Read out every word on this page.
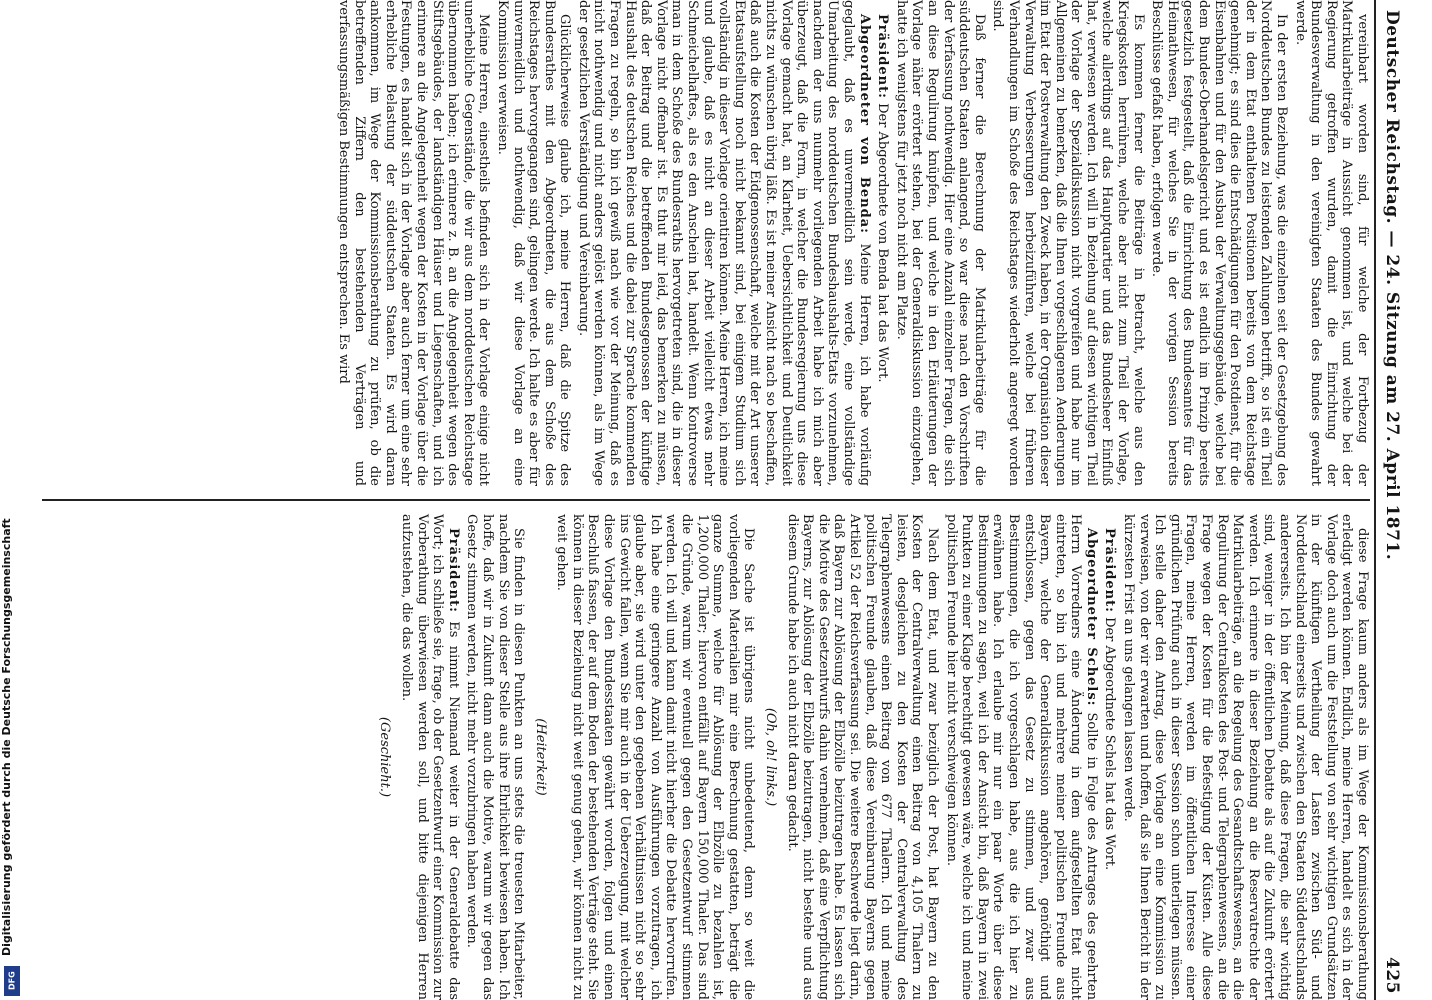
Deutscher Reichstag. — 24. Sitzung am 27. April 1871.
425

vereinbart worden sind, für welche der Fortbezug der Matrikularbeiträge in Aussicht genommen ist, und welche bei der Regierung getroffen wurden, damit die Einrichtung der Bundesverwaltung in den vereinigten Staaten des Bundes gewahrt werde.

In der ersten Beziehung, was die einzelnen seit der Gesetzgebung des Norddeutschen Bundes zu leistenden Zahlungen betrifft, so ist ein Theil der in dem Etat enthaltenen Positionen bereits von dem Reichstage genehmigt; es sind dies die Entschädigungen für den Postdienst, für die Eisenbahnen und für den Ausbau der Verwaltungsgebäude, welche bei dem Bundes-Oberhandelsgericht und es ist endlich im Prinzip bereits gesetzlich festgestellt, daß die Einrichtung des Bundesamtes für das Heimathwesen, für welches Sie in der vorigen Session bereits Beschlüsse gefaßt haben, erfolgen werde.

Es kommen ferner die Beiträge in Betracht, welche aus den Kriegskosten herrühren, welche aber nicht zum Theil der Vorlage, welche allerdings auf das Hauptquartier und das Bundesheer Einfluß hat, verwiesen werden. Ich will in Beziehung auf diesen wichtigen Theil der Vorlage der Spezialdiskussion nicht vorgreifen und habe nur im Allgemeinen zu bemerken, daß die Ihnen vorgeschlagenen Aenderungen im Etat der Postverwaltung den Zweck haben, in der Organisation dieser Verwaltung Verbesserungen herbeizuführen, welche bei früheren Verhandlungen im Schoße des Reichstages wiederholt angeregt worden sind.

Daß ferner die Berechnung der Matrikularbeiträge für die süddeutschen Staaten anlangend, so war diese nach den Vorschriften der Verfassung nothwendig. Hier eine Anzahl einzelner Fragen, die sich an diese Regulirung knüpfen, und welche in den Erläuterungen der Vorlage näher erörtert stehen, bei der Generaldiskussion einzugehen, hatte ich wenigstens für jetzt noch nicht am Platze.

Präsident: Der Abgeordnete von Benda hat das Wort.

Abgeordneter von Benda: Meine Herren, ich habe vorläufig geglaubt, daß es unvermeidlich sein werde, eine vollständige Umarbeitung des norddeutschen Bundeshaushalts-Etats vorzunehmen, nachdem der uns nunmehr vorliegenden Arbeit habe ich mich aber überzeugt, daß die Form, in welcher die Bundesregierung uns diese Vorlage gemacht hat, an Klarheit, Uebersichtlichkeit und Deutlichkeit nichts zu wünschen übrig läßt. Es ist meiner Ansicht nach so beschaffen, daß auch die Kosten der Eidgenossenschaft, welche mit der Art unserer Etatsaufstellung noch nicht bekannt sind, bei einigem Studium sich vollständig in dieser Vorlage orientiren können. Meine Herren, ich meine und glaube, daß es nicht an dieser Arbeit vielleicht etwas mehr Schmeichelhaftes, als es den Anschein hat, handelt. Wenn Kontroverse man in dem Schoße des Bundesraths hervorgetreten sind, die in dieser Vorlage nicht offenbar ist. Es thut mir leid, das bemerken zu müssen, daß der Beitrag und die betreffenden Bundesgenossen der künftige Haushalt des deutschen Reiches und die dabei zur Sprache kommenden Fragen zu regeln, so bin ich gewiß nach wie vor der Meinung, daß es nicht nothwendig und nicht anders gelöst werden können, als im Wege der gesetzlichen Verständigung und Vereinbarung.

Glücklicherweise glaube ich, meine Herren, daß die Spitze des Bundesrathes mit den Abgeordneten, die aus dem Schoße des Reichstages hervorgegangen sind, gelingen werde. Ich halte es aber für unvermeidlich und nothwendig, daß wir diese Vorlage an eine Kommission verweisen.

Meine Herren, einestheils befinden sich in der Vorlage einige nicht unerhebliche Gegenstände, die wir aus dem norddeutschen Reichstage übernommen haben; ich erinnere z. B. an die Angelegenheit wegen des Stiftsgebäudes, der landständigen Häuser und Liegenschaften, und ich erinnere an die Angelegenheit wegen der Kosten in der Vorlage über die Festungen, es handelt sich in der Vorlage aber auch ferner um eine sehr erhebliche Belastung der süddeutschen Staaten. Es wird daran ankommen, im Wege der Kommissionsberathung zu prüfen, ob die betreffenden Ziffern den bestehenden Verträgen und verfassungsmäßigen Bestimmungen entsprechen. Es wird

diese Frage kaum anders als im Wege der Kommissionsberathung erledigt werden können. Endlich, meine Herren, handelt es sich in der Vorlage doch auch um die Feststellung von sehr wichtigen Grundsätzen in der künftigen Vertheilung der Lasten zwischen Süd- und Norddeutschland einerseits und zwischen den Staaten Süddeutschlands andererseits. Ich bin der Meinung, daß diese Fragen, die sehr wichtig sind, weniger in der öffentlichen Debatte als auf die Zukunft erörtert werden. Ich erinnere in dieser Beziehung an die Reservatrechte der Matrikularbeiträge, an die Regelung des Gesandtschaftswesens, an die Regulirung der Centralkosten des Post- und Telegraphenwesens, an die Frage wegen der Kosten für die Befestigung der Küsten. Alle diese Fragen, meine Herren, werden im öffentlichen Interesse einer gründlichen Prüfung auch in dieser Session schon unterliegen müssen. Ich stelle daher den Antrag, diese Vorlage an eine Kommission zu verweisen, von der wir erwarten und hoffen, daß sie Ihnen Bericht in der kürzesten Frist an uns gelangen lassen werde.

Präsident: Der Abgeordnete Schels hat das Wort.

Abgeordneter Schels: Sollte in Folge des Antrages des geehrten Herrn Vorredners eine Änderung in dem aufgestellten Etat nicht eintreten, so bin ich und mehrere meiner politischen Freunde aus Bayern, welche der Generaldiskussion angehören, genöthigt und entschlossen, gegen das Gesetz zu stimmen, und zwar aus Bestimmungen, die ich vorgeschlagen habe, aus die ich hier zu erwähnen habe. Ich erlaube mir nur ein paar Worte über diese Bestimmungen zu sagen, weil ich der Ansicht bin, daß Bayern in zwei Punkten zu einer Klage berechtigt gewesen wäre, welche ich und meine politischen Freunde hier nicht verschweigen können.

Nach dem Etat, und zwar bezüglich der Post, hat Bayern zu den Kosten der Centralverwaltung einen Beitrag von 4,105 Thalern zu leisten, desgleichen zu den Kosten der Centralverwaltung des Telegraphenwesens einen Beitrag von 677 Thalern. Ich und meine politischen Freunde glauben, daß diese Vereinbarung Bayerns gegen Artikel 52 der Reichsverfassung sei. Die weitere Beschwerde liegt darin, daß Bayern zur Ablösung der Elbzölle beizutragen habe. Es lassen sich die Motive des Gesetzentwurfs dahin vernehmen, daß eine Verpflichtung Bayerns, zur Ablösung der Elbzölle beizutragen, nicht bestehe und aus diesem Grunde habe ich auch nicht daran gedacht.

(Oh, oh! links.)

Die Sache ist übrigens nicht unbedeutend, denn so weit die vorliegenden Materialien mir eine Berechnung gestatten, beträgt die ganze Summe, welche für Ablösung der Elbzölle zu bezahlen ist, 1,200,000 Thaler; hiervon entfällt auf Bayern 150,000 Thaler. Das sind die Gründe, warum wir eventuell gegen den Gesetzentwurf stimmen werden. Ich will und kann damit nicht hierher die Debatte hervorrufen. Ich habe eine geringere Anzahl von Ausführungen vorzutragen, ich glaube aber, sie wird unter den gegebenen Verhältnissen nicht so sehr ins Gewicht fallen, wenn Sie mir auch in der Ueberzeugung, mit welcher diese Vorlage den Bundesstaaten gewährt worden, folgen und einen Beschluß fassen, der auf dem Boden der bestehenden Verträge steht. Sie können in dieser Beziehung nicht weit genug gehen, wir können nicht zu weit gehen.

(Heiterkeit)

Sie finden in diesen Punkten an uns stets die treuesten Mitarbeiter, nachdem Sie von dieser Stelle aus ihre Ehrlichkeit bewiesen haben. Ich hoffe, daß wir in Zukunft dann auch die Motive, warum wir gegen das Gesetz stimmen werden, nicht mehr vorzubringen haben werden.

Präsident: Es nimmt Niemand weiter in der Generaldebatte das Wort; ich schließe sie, frage, ob der Gesetzentwurf einer Kommission zur Vorberathung überwiesen werden soll, und bitte diejenigen Herren aufzustehen, die das wollen.

(Geschieht.)

Digitalisierung gefördert durch die Deutsche Forschungsgemeinschaft
DFG
